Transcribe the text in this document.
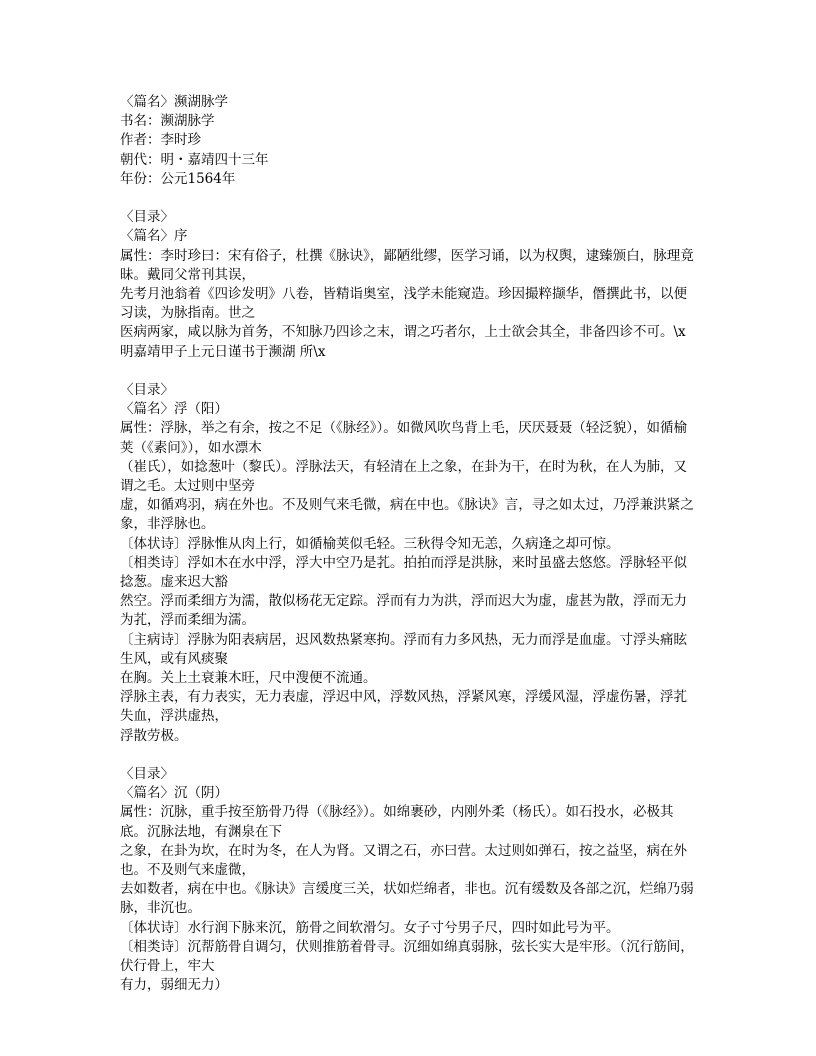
〈篇名〉濒湖脉学
书名：濒湖脉学
作者：李时珍
朝代：明・嘉靖四十三年
年份：公元1564年
〈目录〉
〈篇名〉序
属性：李时珍曰：宋有俗子，杜撰《脉诀》，鄙陋纰缪，医学习诵，以为权舆，逮臻颁白，脉理竟昧。戴同父常刊其误，
先考月池翁着《四诊发明》八卷，皆精诣奥室，浅学未能窥造。珍因撮粹撷华，僭撰此书，以便习读，为脉指南。世之
医病两家，咸以脉为首务，不知脉乃四诊之末，谓之巧者尔，上士欲会其全，非备四诊不可。\x 明嘉靖甲子上元日谨书于濒湖 所\x
〈目录〉
〈篇名〉浮（阳）
属性：浮脉，举之有余，按之不足（《脉经》）。如微风吹鸟背上毛，厌厌聂聂（轻泛貌），如循榆荚（《素问》），如水漂木
（崔氏），如捻葱叶（黎氏）。浮脉法天，有轻清在上之象，在卦为干，在时为秋，在人为肺，又谓之毛。太过则中坚旁
虚，如循鸡羽，病在外也。不及则气来毛微，病在中也。《脉诀》言，寻之如太过，乃浮兼洪紧之象，非浮脉也。
〔体状诗〕浮脉惟从肉上行，如循榆荚似毛轻。三秋得令知无恙，久病逢之却可惊。
〔相类诗〕浮如木在水中浮，浮大中空乃是芤。拍拍而浮是洪脉，来时虽盛去悠悠。浮脉轻平似捻葱。虚来迟大豁
然空。浮而柔细方为濡，散似杨花无定踪。浮而有力为洪，浮而迟大为虚，虚甚为散，浮而无力为芤，浮而柔细为濡。
〔主病诗〕浮脉为阳表病居，迟风数热紧寒拘。浮而有力多风热，无力而浮是血虚。寸浮头痛眩生风，或有风痰聚
在胸。关上土衰兼木旺，尺中溲便不流通。
浮脉主表，有力表实，无力表虚，浮迟中风，浮数风热，浮紧风寒，浮缓风湿，浮虚伤暑，浮芤失血，浮洪虚热，
浮散劳极。
〈目录〉
〈篇名〉沉（阴）
属性：沉脉，重手按至筋骨乃得（《脉经》）。如绵裹砂，内刚外柔（杨氏）。如石投水，必极其底。沉脉法地，有渊泉在下
之象，在卦为坎，在时为冬，在人为肾。又谓之石，亦曰营。太过则如弹石，按之益坚，病在外也。不及则气来虚微，
去如数者，病在中也。《脉诀》言缓度三关，状如烂绵者，非也。沉有缓数及各部之沉，烂绵乃弱脉，非沉也。
〔体状诗〕水行润下脉来沉，筋骨之间软滑匀。女子寸兮男子尺，四时如此号为平。
〔相类诗〕沉帮筋骨自调匀，伏则推筋着骨寻。沉细如绵真弱脉，弦长实大是牢形。（沉行筋间，伏行骨上，牢大
有力，弱细无力）
